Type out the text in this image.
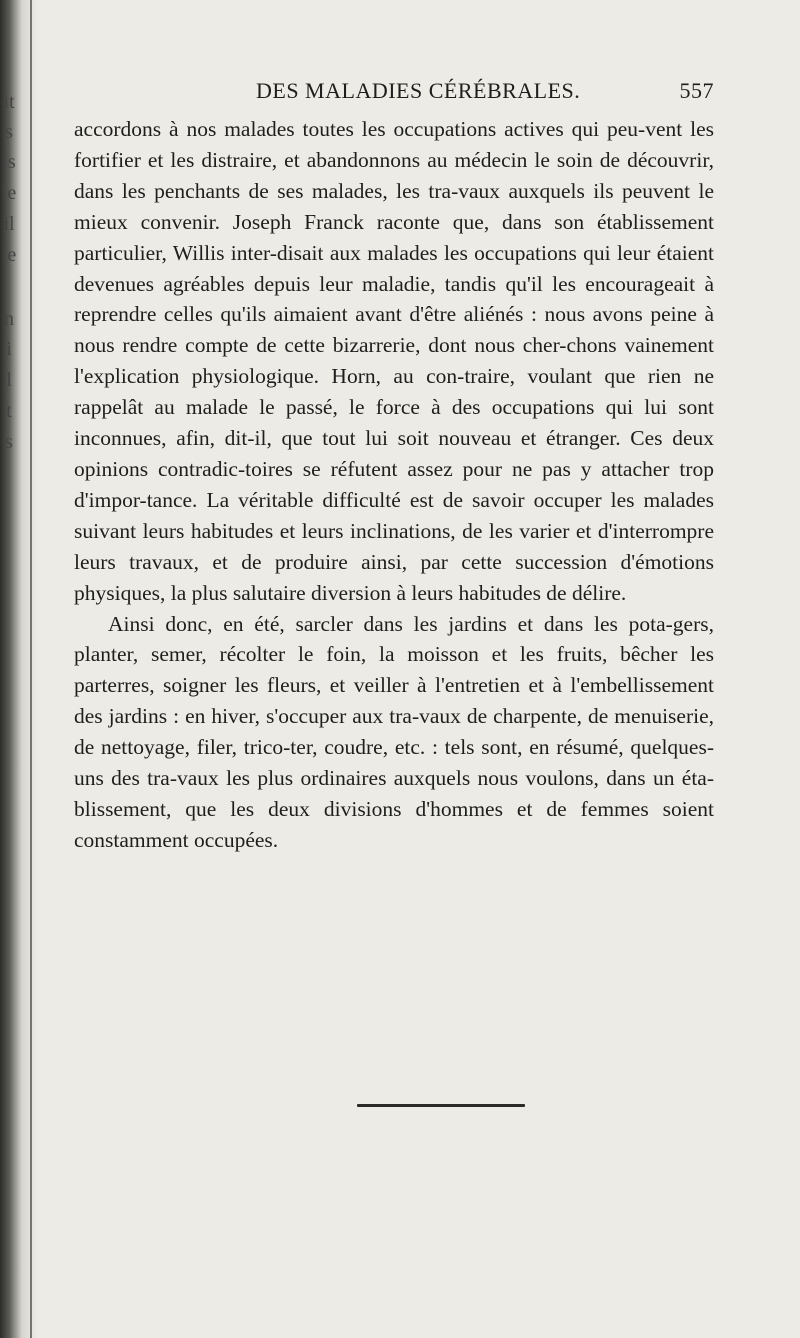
it
s
is
le
il
le
n
i
l
t
s
DES MALADIES CÉRÉBRALES.	557

accordons à nos malades toutes les occupations actives qui peu-vent les fortifier et les distraire, et abandonnons au médecin le soin de découvrir, dans les penchants de ses malades, les tra-vaux auxquels ils peuvent le mieux convenir. Joseph Franck raconte que, dans son établissement particulier, Willis inter-disait aux malades les occupations qui leur étaient devenues agréables depuis leur maladie, tandis qu'il les encourageait à reprendre celles qu'ils aimaient avant d'être aliénés : nous avons peine à nous rendre compte de cette bizarrerie, dont nous cher-chons vainement l'explication physiologique. Horn, au con-traire, voulant que rien ne rappelât au malade le passé, le force à des occupations qui lui sont inconnues, afin, dit-il, que tout lui soit nouveau et étranger. Ces deux opinions contradic-toires se réfutent assez pour ne pas y attacher trop d'impor-tance. La véritable difficulté est de savoir occuper les malades suivant leurs habitudes et leurs inclinations, de les varier et d'interrompre leurs travaux, et de produire ainsi, par cette succession d'émotions physiques, la plus salutaire diversion à leurs habitudes de délire.

Ainsi donc, en été, sarcler dans les jardins et dans les pota-gers, planter, semer, récolter le foin, la moisson et les fruits, bêcher les parterres, soigner les fleurs, et veiller à l'entretien et à l'embellissement des jardins : en hiver, s'occuper aux tra-vaux de charpente, de menuiserie, de nettoyage, filer, trico-ter, coudre, etc. : tels sont, en résumé, quelques-uns des tra-vaux les plus ordinaires auxquels nous voulons, dans un éta-blissement, que les deux divisions d'hommes et de femmes soient constamment occupées.
